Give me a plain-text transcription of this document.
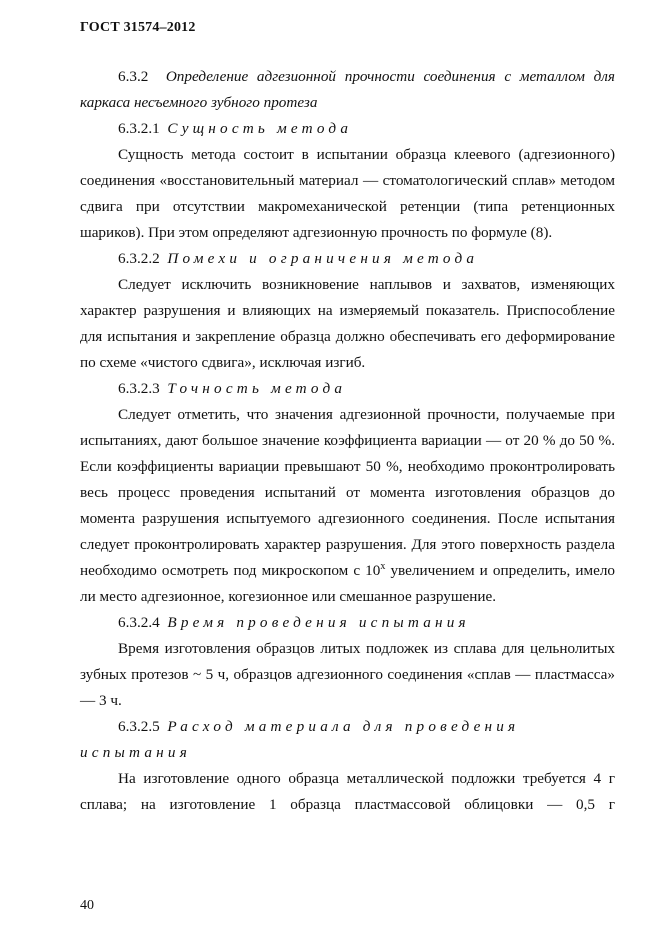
ГОСТ 31574–2012

6.3.2 Определение адгезионной прочности соединения с металлом для каркаса несъемного зубного протеза

6.3.2.1 Сущность метода

Сущность метода состоит в испытании образца клеевого (адгезионного) соединения «восстановительный материал — стоматологический сплав» методом сдвига при отсутствии макромеханической ретенции (типа ретенционных шариков). При этом определяют адгезионную прочность по формуле (8).

6.3.2.2 Помехи и ограничения метода

Следует исключить возникновение наплывов и захватов, изменяющих характер разрушения и влияющих на измеряемый показатель. Приспособление для испытания и закрепление образца должно обеспечивать его деформирование по схеме «чистого сдвига», исключая изгиб.

6.3.2.3 Точность метода

Следует отметить, что значения адгезионной прочности, получаемые при испытаниях, дают большое значение коэффициента вариации — от 20 % до 50 %. Если коэффициенты вариации превышают 50 %, необходимо проконтролировать весь процесс проведения испытаний от момента изготовления образцов до момента разрушения испытуемого адгезионного соединения. После испытания следует проконтролировать характер разрушения. Для этого поверхность раздела необходимо осмотреть под микроскопом с $10^х$ увеличением и определить, имело ли место адгезионное, когезионное или смешанное разрушение.

6.3.2.4 Время проведения испытания

Время изготовления образцов литых подложек из сплава для цельнолитых зубных протезов ~ 5 ч, образцов адгезионного соединения «сплав — пластмасса» — 3 ч.

6.3.2.5 Расход материала для проведения испытания

На изготовление одного образца металлической подложки требуется 4 г сплава; на изготовление 1 образца пластмассовой облицовки — 0,5 г

40
